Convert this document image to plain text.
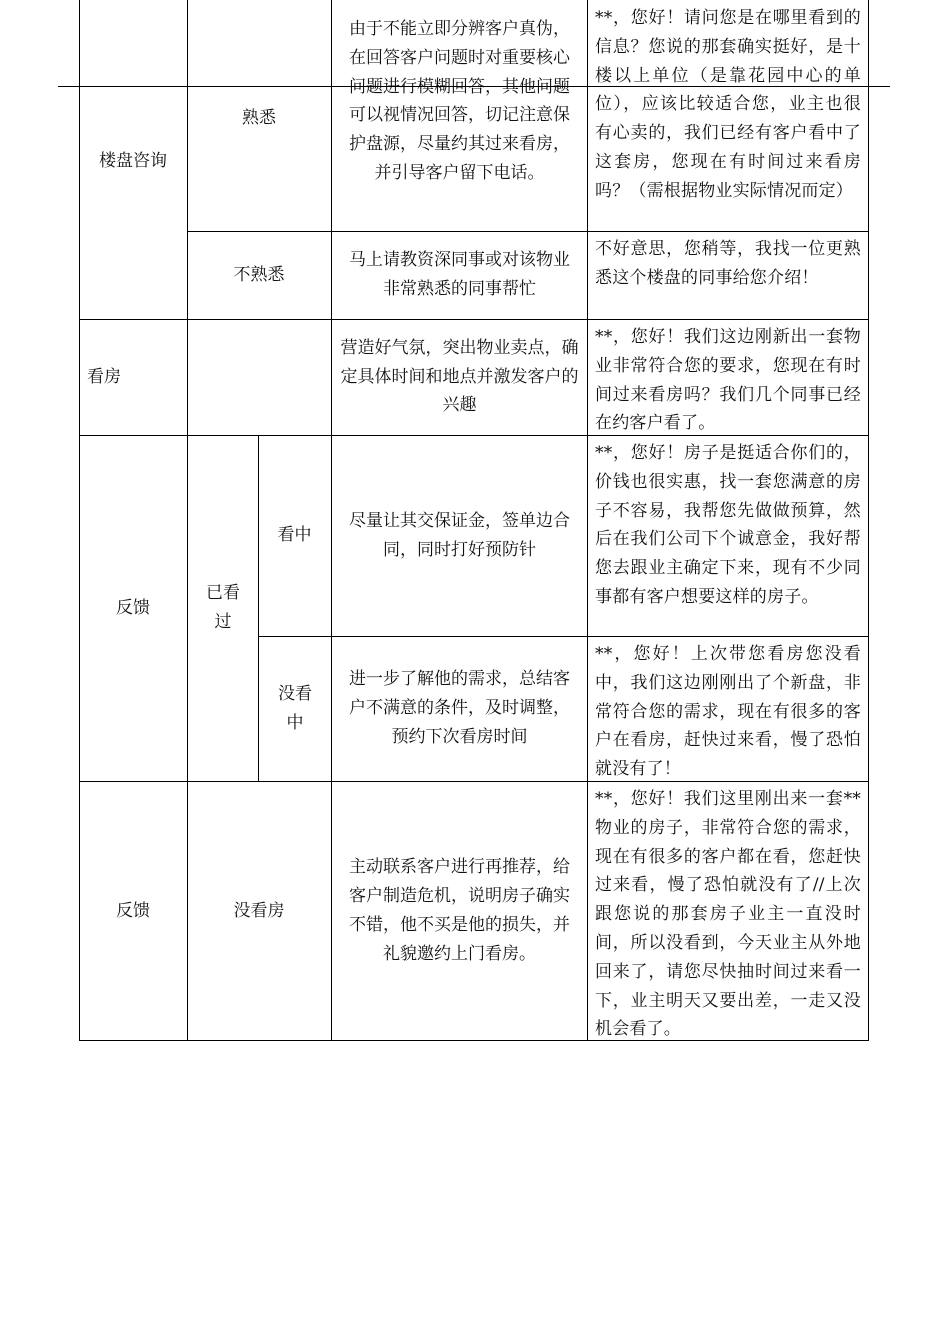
楼盘咨询
熟悉
由于不能立即分辨客户真伪，在回答客户问题时对重要核心问题进行模糊回答，其他问题可以视情况回答，切记注意保护盘源，尽量约其过来看房，并引导客户留下电话。
**，您好！请问您是在哪里看到的信息？您说的那套确实挺好，是十楼以上单位（是靠花园中心的单位），应该比较适合您，业主也很有心卖的，我们已经有客户看中了这套房，您现在有时间过来看房吗？（需根据物业实际情况而定）
不熟悉
马上请教资深同事或对该物业非常熟悉的同事帮忙
不好意思，您稍等，我找一位更熟悉这个楼盘的同事给您介绍！
看房
营造好气氛，突出物业卖点，确定具体时间和地点并激发客户的兴趣
**，您好！我们这边刚新出一套物业非常符合您的要求，您现在有时间过来看房吗？我们几个同事已经在约客户看了。
反馈
已看过
看中
尽量让其交保证金，签单边合同，同时打好预防针
**，您好！房子是挺适合你们的，价钱也很实惠，找一套您满意的房子不容易，我帮您先做做预算，然后在我们公司下个诚意金，我好帮您去跟业主确定下来，现有不少同事都有客户想要这样的房子。
没看中
进一步了解他的需求，总结客户不满意的条件，及时调整，预约下次看房时间
**，您好！上次带您看房您没看中，我们这边刚刚出了个新盘，非常符合您的需求，现在有很多的客户在看房，赶快过来看，慢了恐怕就没有了！
反馈	没看房
主动联系客户进行再推荐，给客户制造危机，说明房子确实不错，他不买是他的损失，并礼貌邀约上门看房。
**，您好！我们这里刚出来一套**物业的房子，非常符合您的需求，现在有很多的客户都在看，您赶快过来看，慢了恐怕就没有了//上次跟您说的那套房子业主一直没时间，所以没看到，今天业主从外地回来了，请您尽快抽时间过来看一下，业主明天又要出差，一走又没机会看了。
